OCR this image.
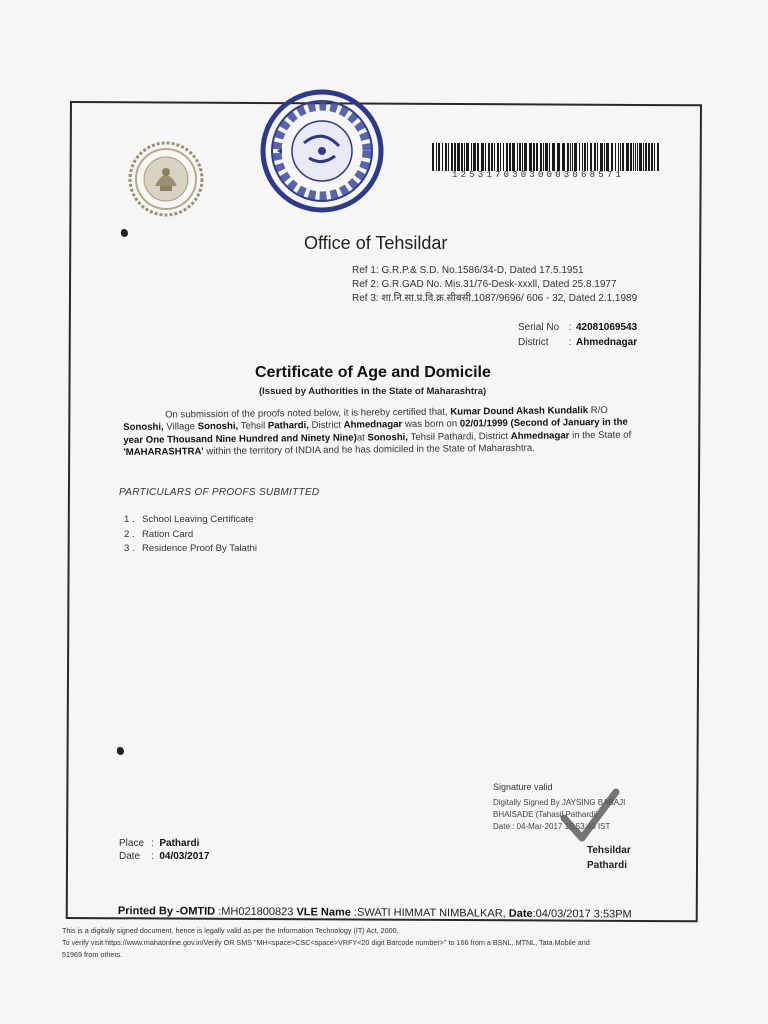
12531703030003068571
Office of Tehsildar
Ref 1: G.R.P.& S.D. No.1586/34-D, Dated 17.5.1951
Ref 2: G.R.GAD No. Mis.31/76-Desk-xxxll, Dated 25.8.1977
Ref 3: शा.नि.सा.प्र.वि.क्र.सीबसी.1087/9696/ 606 - 32, Dated 2.1.1989
Serial No : 42081069543
District : Ahmednagar
Certificate of Age and Domicile
(Issued by Authorities in the State of Maharashtra)
On submission of the proofs noted below, it is hereby certified that, Kumar Dound Akash Kundalik R/O Sonoshi, Village Sonoshi, Tehsil Pathardi, District Ahmednagar was born on 02/01/1999 (Second of January in the year One Thousand Nine Hundred and Ninety Nine)at Sonoshi, Tehsil Pathardi, District Ahmednagar in the State of 'MAHARASHTRA' within the territory of INDIA and he has domiciled in the State of Maharashtra.
PARTICULARS OF PROOFS SUBMITTED
1 . School Leaving Certificate
2 . Ration Card
3 . Residence Proof By Talathi
Place : Pathardi
Date : 04/03/2017
Signature valid
Digitally Signed By JAYSING BABAJI
BHAISADE (Tahasil Pathardi)
Date : 04-Mar-2017 15:53:40 IST
Tehsildar
Pathardi
Printed By -OMTID :MH021800823 VLE Name :SWATI HIMMAT NIMBALKAR, Date:04/03/2017 3:53PM
This is a digitally signed document, hence is legally valid as per the Information Technology (IT) Act, 2000.
To verify visit https://www.mahaonline.gov.in/Verify OR SMS "MH<space>CSC<space>VRFY<20 digit Barcode number>" to 166 from a BSNL, MTNL, Tata Mobile and
51969 from others.
